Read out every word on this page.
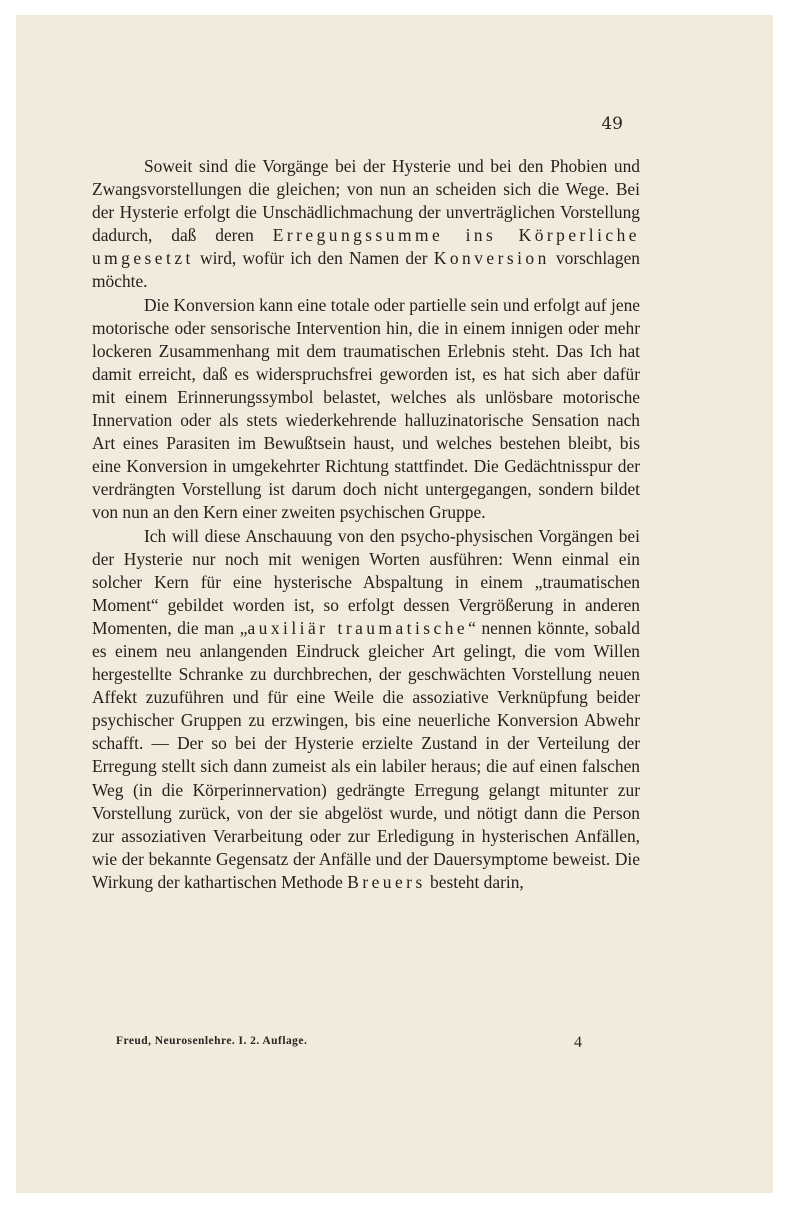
49

Soweit sind die Vorgänge bei der Hysterie und bei den Phobien und Zwangsvorstellungen die gleichen; von nun an scheiden sich die Wege. Bei der Hysterie erfolgt die Unschädlichmachung der unverträglichen Vorstellung dadurch, daß deren Erregungssumme ins Körperliche umgesetzt wird, wofür ich den Namen der Konversion vorschlagen möchte.

Die Konversion kann eine totale oder partielle sein und erfolgt auf jene motorische oder sensorische Intervention hin, die in einem innigen oder mehr lockeren Zusammenhang mit dem traumatischen Erlebnis steht. Das Ich hat damit erreicht, daß es widerspruchsfrei geworden ist, es hat sich aber dafür mit einem Erinnerungssymbol belastet, welches als unlösbare motorische Innervation oder als stets wiederkehrende halluzinatorische Sensation nach Art eines Parasiten im Bewußtsein haust, und welches bestehen bleibt, bis eine Konversion in umgekehrter Richtung stattfindet. Die Gedächtnisspur der verdrängten Vorstellung ist darum doch nicht untergegangen, sondern bildet von nun an den Kern einer zweiten psychischen Gruppe.

Ich will diese Anschauung von den psycho-physischen Vorgängen bei der Hysterie nur noch mit wenigen Worten ausführen: Wenn einmal ein solcher Kern für eine hysterische Abspaltung in einem „traumatischen Moment“ gebildet worden ist, so erfolgt dessen Vergrößerung in anderen Momenten, die man „auxiliär traumatische“ nennen könnte, sobald es einem neu anlangenden Eindruck gleicher Art gelingt, die vom Willen hergestellte Schranke zu durchbrechen, der geschwächten Vorstellung neuen Affekt zuzuführen und für eine Weile die assoziative Verknüpfung beider psychischer Gruppen zu erzwingen, bis eine neuerliche Konversion Abwehr schafft. — Der so bei der Hysterie erzielte Zustand in der Verteilung der Erregung stellt sich dann zumeist als ein labiler heraus; die auf einen falschen Weg (in die Körperinnervation) gedrängte Erregung gelangt mitunter zur Vorstellung zurück, von der sie abgelöst wurde, und nötigt dann die Person zur assoziativen Verarbeitung oder zur Erledigung in hysterischen Anfällen, wie der bekannte Gegensatz der Anfälle und der Dauersymptome beweist. Die Wirkung der kathartischen Methode Breuers besteht darin,

Freud, Neurosenlehre. I. 2. Auflage.	4
